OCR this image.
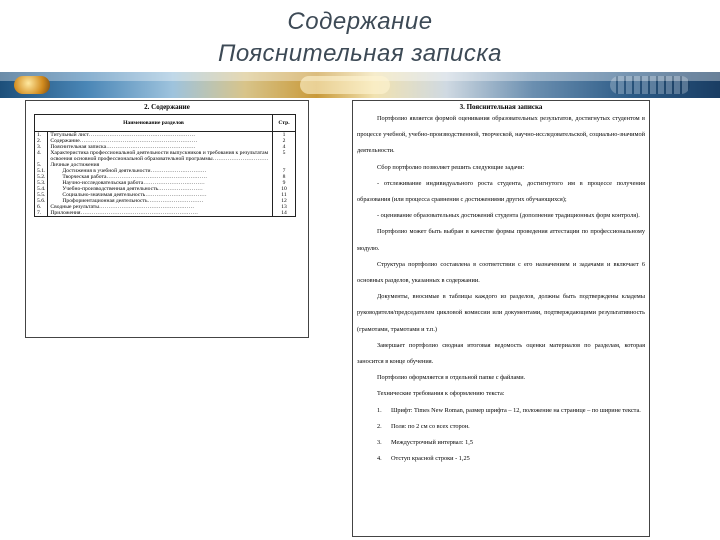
Содержание
Пояснительная записка
2. Содержание
Наименование разделов		Стр.
1.	Титульный лист…………………………………………………	1
2.	Содержание………………………………………………………	2
3.	Пояснительная записка…………………………………………	4
4.	Характеристика профессиональной деятельности выпускников и требования к результатам освоения основной профессиональной образовательной программы…………………………	5
5.	Личные достижения	
5.1.	Достижения в учебной деятельности…………………………	7
5.2.	Творческая работа………………………………………………	8
5.3.	Научно-исследовательская работа……………………………	9
5.4.	Учебно-производственная деятельность……………………	10
5.5.	Социально-значимая деятельность……………………………	11
5.6.	Профориентационная деятельность…………………………	12
6.	Сводные результаты……………………………………………	13
7.	Приложения………………………………………………………	14
3. Пояснительная записка

Портфолио является формой оценивания образовательных результатов, достигнутых студентом в процессе учебной, учебно-производственной, творческой, научно-исследовательской, социально-значимой деятельности.

Сбор портфолио позволяет решить следующие задачи:

- отслеживание индивидуального роста студента, достигнутого им в процессе получения образования (или процесса сравнения с достижениями других обучающихся);

- оценивание образовательных достижений студента (дополнение традиционных форм контроля).

Портфолио может быть выбран в качестве формы проведения аттестации по профессиональному модулю.

Структура портфолио составлена в соответствии с его назначением и задачами и включает 6 основных разделов, указанных в содержании.

Документы, вносимые в таблицы каждого из разделов, должны быть подтверждены кладемы руководителя/председателем цикловой комиссии или документами, подтверждающими результативность (грамотами, трамотами и т.п.)

Завершает портфолио сводная итоговая ведомость оценки материалов по разделам, которая заносится в конце обучения.

Портфолио оформляется в отдельной папке с файлами.

Технические требования к оформлению текста:

1. Шрифт: Times New Roman, размер шрифта – 12, положение на странице – по ширине текста.

2. Поля: по 2 см со всех сторон.

3. Междустрочный интервал: 1,5

4. Отступ красной строки - 1,25
